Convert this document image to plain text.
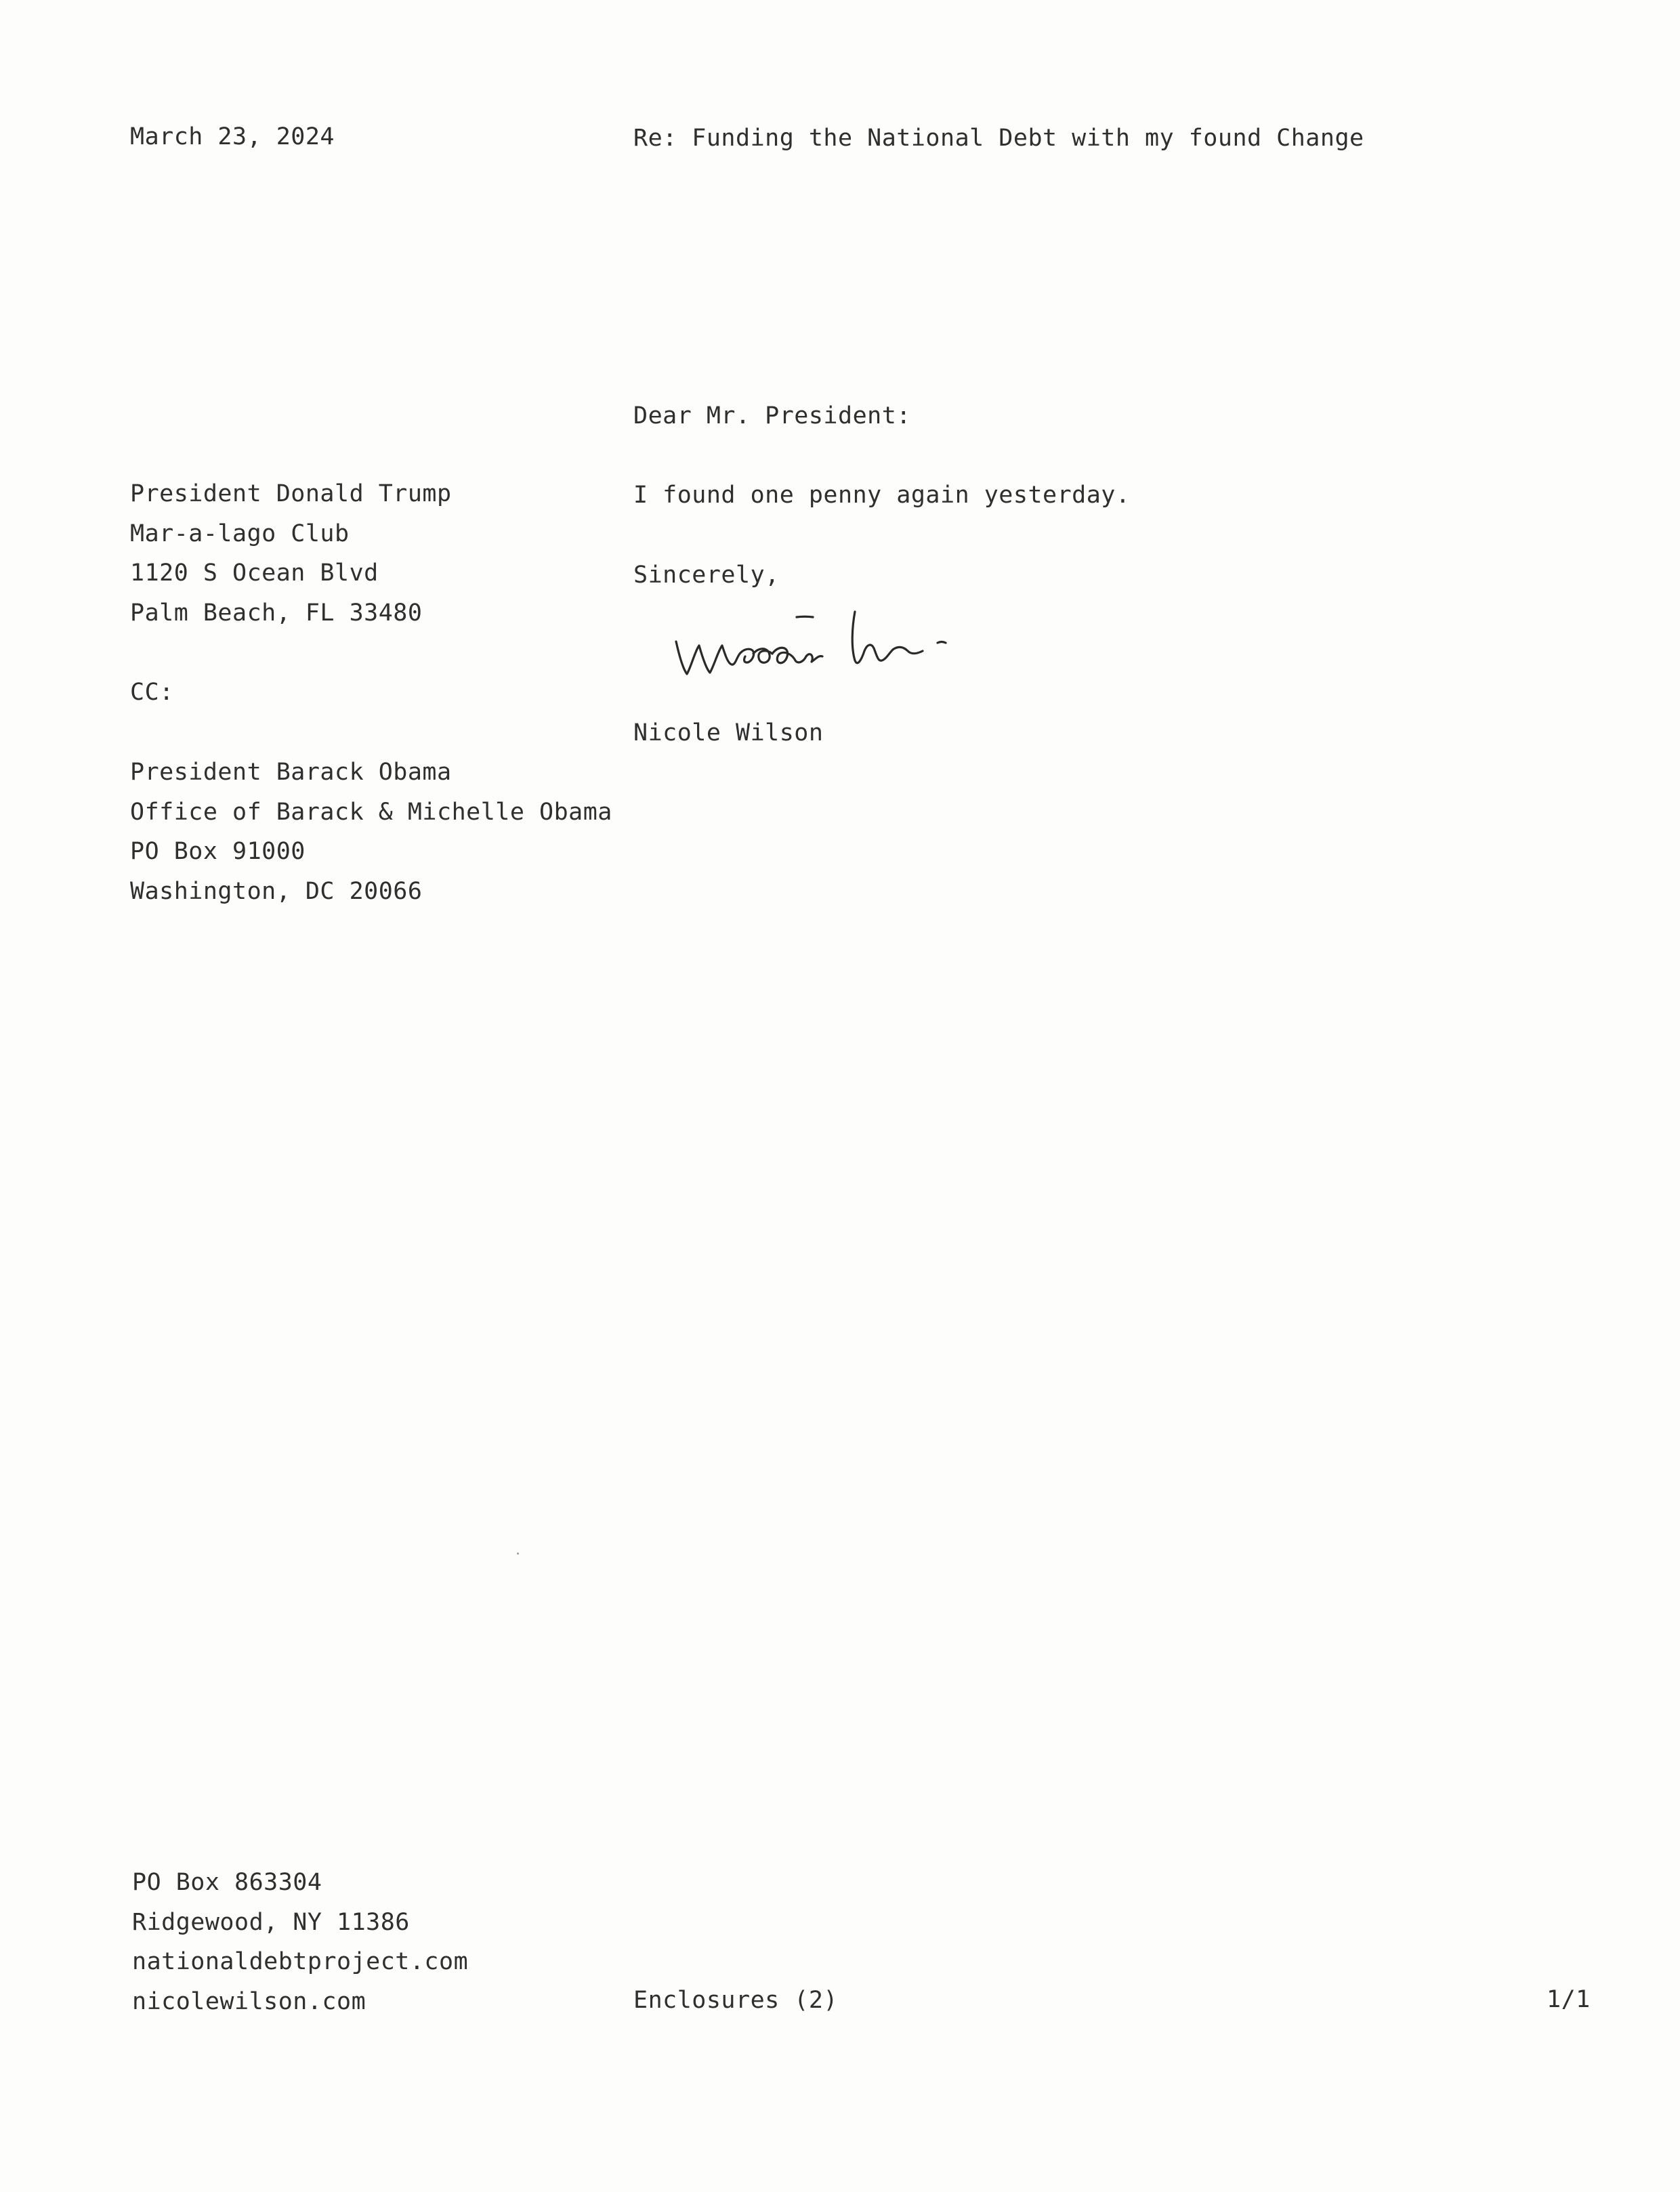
March 23, 2024	Re: Funding the National Debt with my found Change
Dear Mr. President:
President Donald Trump
Mar-a-lago Club
1120 S Ocean Blvd
Palm Beach, FL 33480
I found one penny again yesterday.
Sincerely,
CC:
Nicole Wilson
President Barack Obama
Office of Barack & Michelle Obama
PO Box 91000
Washington, DC 20066
PO Box 863304
Ridgewood, NY 11386
nationaldebtproject.com
nicolewilson.com	Enclosures (2)	1/1
